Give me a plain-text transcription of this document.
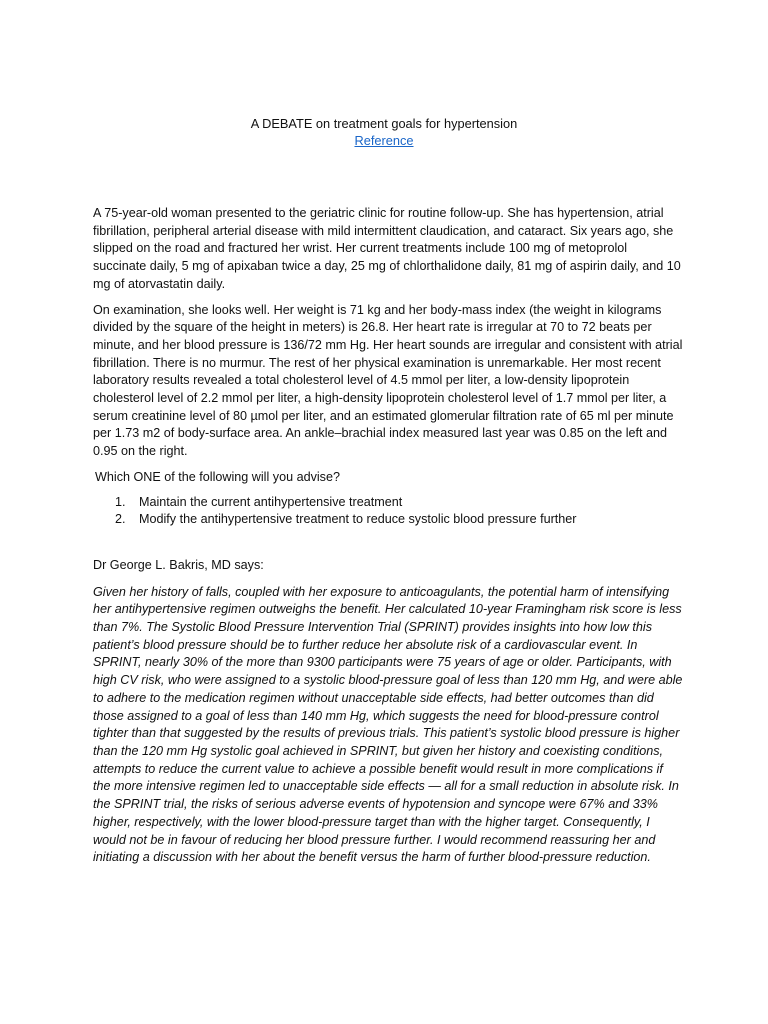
A DEBATE on treatment goals for hypertension
Reference

A 75-year-old woman presented to the geriatric clinic for routine follow-up. She has hypertension, atrial fibrillation, peripheral arterial disease with mild intermittent claudication, and cataract. Six years ago, she slipped on the road and fractured her wrist. Her current treatments include 100 mg of metoprolol succinate daily, 5 mg of apixaban twice a day, 25 mg of chlorthalidone daily, 81 mg of aspirin daily, and 10 mg of atorvastatin daily.

On examination, she looks well. Her weight is 71 kg and her body-mass index (the weight in kilograms divided by the square of the height in meters) is 26.8. Her heart rate is irregular at 70 to 72 beats per minute, and her blood pressure is 136/72 mm Hg. Her heart sounds are irregular and consistent with atrial fibrillation. There is no murmur. The rest of her physical examination is unremarkable. Her most recent laboratory results revealed a total cholesterol level of 4.5 mmol per liter, a low-density lipoprotein cholesterol level of 2.2 mmol per liter, a high-density lipoprotein cholesterol level of 1.7 mmol per liter, a serum creatinine level of 80 µmol per liter, and an estimated glomerular filtration rate of 65 ml per minute per 1.73 m2 of body-surface area. An ankle–brachial index measured last year was 0.85 on the left and 0.95 on the right.

Which ONE of the following will you advise?

1.	Maintain the current antihypertensive treatment
2.	Modify the antihypertensive treatment to reduce systolic blood pressure further

Dr George L. Bakris, MD says:

Given her history of falls, coupled with her exposure to anticoagulants, the potential harm of intensifying her antihypertensive regimen outweighs the benefit. Her calculated 10-year Framingham risk score is less than 7%. The Systolic Blood Pressure Intervention Trial (SPRINT) provides insights into how low this patient’s blood pressure should be to further reduce her absolute risk of a cardiovascular event. In SPRINT, nearly 30% of the more than 9300 participants were 75 years of age or older. Participants, with high CV risk, who were assigned to a systolic blood-pressure goal of less than 120 mm Hg, and were able to adhere to the medication regimen without unacceptable side effects, had better outcomes than did those assigned to a goal of less than 140 mm Hg, which suggests the need for blood-pressure control tighter than that suggested by the results of previous trials. This patient’s systolic blood pressure is higher than the 120 mm Hg systolic goal achieved in SPRINT, but given her history and coexisting conditions, attempts to reduce the current value to achieve a possible benefit would result in more complications if the more intensive regimen led to unacceptable side effects — all for a small reduction in absolute risk. In the SPRINT trial, the risks of serious adverse events of hypotension and syncope were 67% and 33% higher, respectively, with the lower blood-pressure target than with the higher target. Consequently, I would not be in favour of reducing her blood pressure further. I would recommend reassuring her and initiating a discussion with her about the benefit versus the harm of further blood-pressure reduction.
